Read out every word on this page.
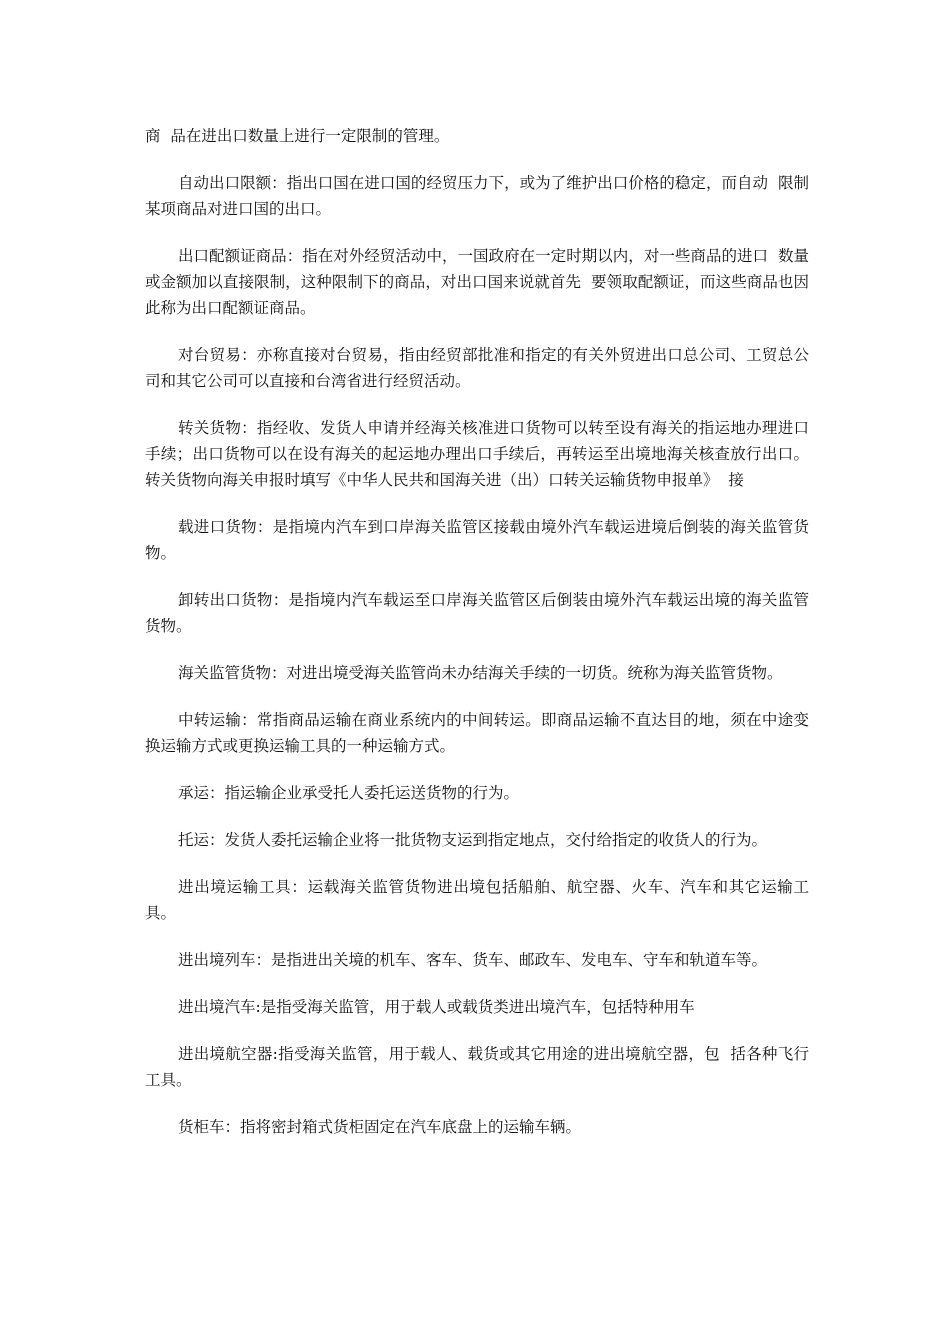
商  品在进出口数量上进行一定限制的管理。

自动出口限额：指出口国在进口国的经贸压力下，或为了维护出口价格的稳定，而自动  限制某项商品对进口国的出口。

出口配额证商品：指在对外经贸活动中，一国政府在一定时期以内，对一些商品的进口  数量或金额加以直接限制，这种限制下的商品，对出口国来说就首先  要领取配额证，而这些商品也因此称为出口配额证商品。

对台贸易：亦称直接对台贸易，指由经贸部批准和指定的有关外贸进出口总公司、工贸总公司和其它公司可以直接和台湾省进行经贸活动。

转关货物：指经收、发货人申请并经海关核准进口货物可以转至设有海关的指运地办理进口手续；出口货物可以在设有海关的起运地办理出口手续后，再转运至出境地海关核查放行出口。转关货物向海关申报时填写《中华人民共和国海关进（出）口转关运输货物申报单》  接

载进口货物：是指境内汽车到口岸海关监管区接载由境外汽车载运进境后倒装的海关监管货物。

卸转出口货物：是指境内汽车载运至口岸海关监管区后倒装由境外汽车载运出境的海关监管货物。

海关监管货物：对进出境受海关监管尚未办结海关手续的一切货。统称为海关监管货物。

中转运输：常指商品运输在商业系统内的中间转运。即商品运输不直达目的地，须在中途变换运输方式或更换运输工具的一种运输方式。

承运：指运输企业承受托人委托运送货物的行为。

托运：发货人委托运输企业将一批货物支运到指定地点，交付给指定的收货人的行为。

进出境运输工具：运载海关监管货物进出境包括船舶、航空器、火车、汽车和其它运输工具。

进出境列车：是指进出关境的机车、客车、货车、邮政车、发电车、守车和轨道车等。

进出境汽车:是指受海关监管，用于载人或载货类进出境汽车，包括特种用车

进出境航空器:指受海关监管，用于载人、载货或其它用途的进出境航空器，包  括各种飞行工具。

货柜车：指将密封箱式货柜固定在汽车底盘上的运输车辆。
